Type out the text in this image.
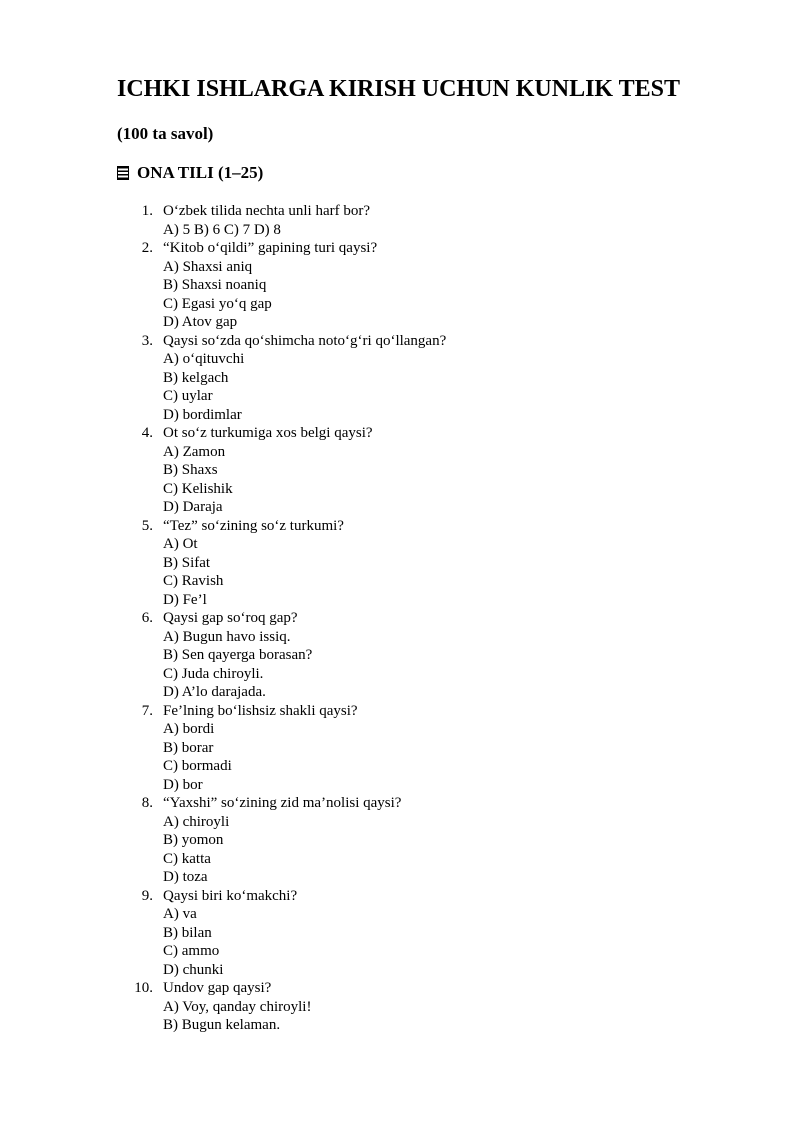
ICHKI ISHLARGA KIRISH UCHUN KUNLIK TEST

(100 ta savol)

ONA TILI (1–25)
1. O‘zbek tilida nechta unli harf bor?
A) 5 B) 6 C) 7 D) 8
2. “Kitob o‘qildi” gapining turi qaysi?
A) Shaxsi aniq
B) Shaxsi noaniq
C) Egasi yo‘q gap
D) Atov gap
3. Qaysi so‘zda qo‘shimcha noto‘g‘ri qo‘llangan?
A) o‘qituvchi
B) kelgach
C) uylar
D) bordimlar
4. Ot so‘z turkumiga xos belgi qaysi?
A) Zamon
B) Shaxs
C) Kelishik
D) Daraja
5. “Tez” so‘zining so‘z turkumi?
A) Ot
B) Sifat
C) Ravish
D) Fe’l
6. Qaysi gap so‘roq gap?
A) Bugun havo issiq.
B) Sen qayerga borasan?
C) Juda chiroyli.
D) A’lo darajada.
7. Fe’lning bo‘lishsiz shakli qaysi?
A) bordi
B) borar
C) bormadi
D) bor
8. “Yaxshi” so‘zining zid ma’nolisi qaysi?
A) chiroyli
B) yomon
C) katta
D) toza
9. Qaysi biri ko‘makchi?
A) va
B) bilan
C) ammo
D) chunki
10. Undov gap qaysi?
A) Voy, qanday chiroyli!
B) Bugun kelaman.
